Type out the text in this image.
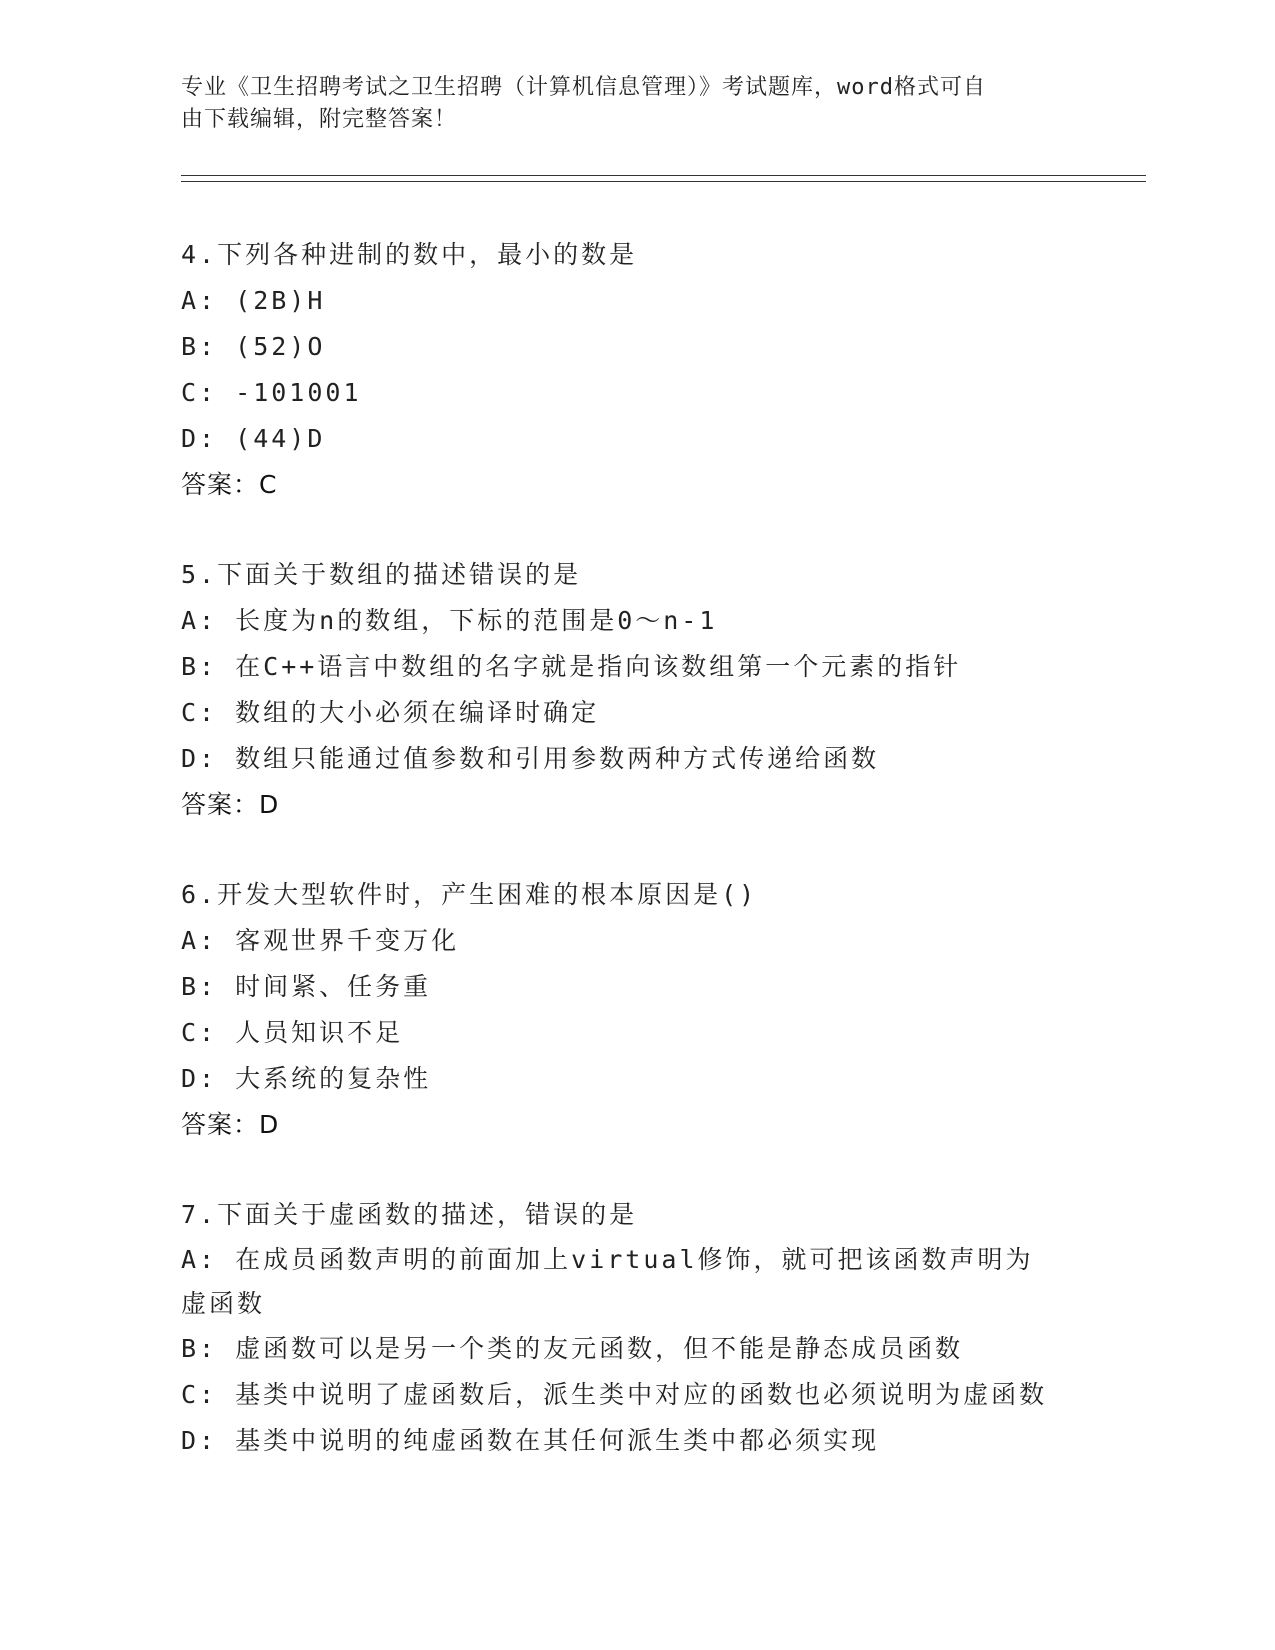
专业《卫生招聘考试之卫生招聘（计算机信息管理）》考试题库，word格式可自
由下载编辑，附完整答案！
4.下列各种进制的数中，最小的数是
A: (2B)H
B: (52)O
C: -101001
D: (44)D
答案：C
5.下面关于数组的描述错误的是
A: 长度为n的数组，下标的范围是0～n-1
B: 在C++语言中数组的名字就是指向该数组第一个元素的指针
C: 数组的大小必须在编译时确定
D: 数组只能通过值参数和引用参数两种方式传递给函数
答案：D
6.开发大型软件时，产生困难的根本原因是()
A: 客观世界千变万化
B: 时间紧、任务重
C: 人员知识不足
D: 大系统的复杂性
答案：D
7.下面关于虚函数的描述，错误的是
A: 在成员函数声明的前面加上virtual修饰，就可把该函数声明为虚函数
B: 虚函数可以是另一个类的友元函数，但不能是静态成员函数
C: 基类中说明了虚函数后，派生类中对应的函数也必须说明为虚函数
D: 基类中说明的纯虚函数在其任何派生类中都必须实现
